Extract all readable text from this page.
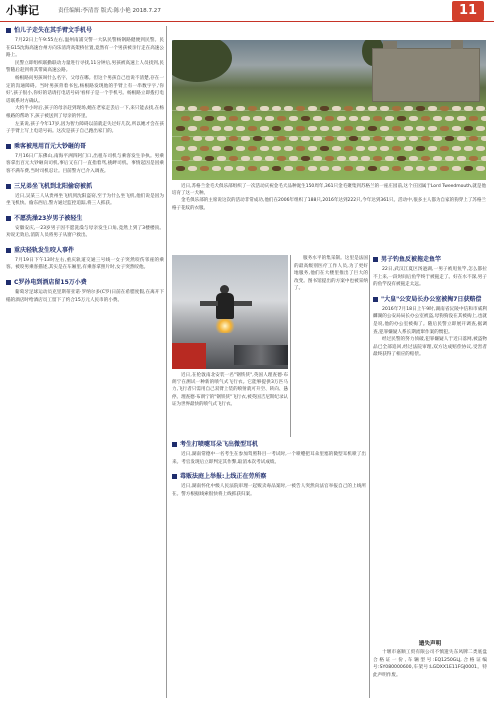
小事记	责任编辑:李清晋 版式:陈小艳 2018.7.27	11
怕儿子走失在其手臂文手机号
7月22日上午9:55左右,温州南浦交警一大队民警杨钢路健便到民警。民在G15沈海高速台州方向乐清湾高架桥位置,竟然有一个男孩被亲行走在高速公路上。
民警立即组织联勤联动力量进行寻找,11分钟后,男孩被高速上人员找到,民警随后赶到将其带离高速公路。
杨根路问男孩叫什么名字、父母在哪。但这个男孩自己也说不清楚,存在一定的沟通障碍。当时男孩背着书包,杨根路发现他的手臂上有一串数字字,'你好',孩子很小,你好的话请打电话号码'看样子是一个手机号。杨根路立即拨打电话联系对方确认。
大约半小时后,孩子的母亲赶到现场,她在老家走丢后一下,来只能去找,在杨根路的帮助下,孩子被送到了母亲的怀里。
左某说,孩子今年17岁,因为智力障碍以前就走失过好几次,所以她才会在孩子手臂上写上电话号码。这次是孩子自己跑出家门的。
乘客被甩用百元大钞砸的哥
7月16日广东佛山,南海平洲四阿门口,出租车司机与乘客发生争执。男乘客拿出百元大钞砸向司机,事后又在门一直指着骂,挑衅司机。事情起因是因乘客不满车费,当时司机忍让。目前警方已介入调查。
三兄弟坐飞机到北阳偷窃被抓
近日,吴某三人从贵州坐飞机到沈阳盗窃,至于为什么坐飞机,他们说是因为坐飞机快。偷东西后,警方通过监控追踪,将三人抓获。
不愿洗澡23岁男子被轻生
安徽安庆,一23岁男子因不愿洗澡与母亲发生口角,竟然上到了3楼楼顶。劝说无效后,消防人员将男子从窗户救出。
重庆轻轨发生咬人事件
7月19日下午13时左右,重庆轨道交通三号线一女子突然咬伤邻座的乘客。被咬男乘客描述,其实是在车厢里,有乘客拿照片时,女子突然咬他。
C罗孙电到酒店留15万小费
葡萄牙足球运动员克里斯蒂亚诺·罗纳尔多(C罗)日前在希腊度假,在离开下榻的酒店时给酒店员工留下了约合15万元人民币的小费。
近日,苏格兰金毛犬俱乐部组织了一次活动庆祝金毛犬品种诞生150周年,361只金毛聚集到苏格兰的一座庄园前,这个庄园属于Lord Tweedmouth,就是他培育了这一犬种。
金毛俱乐部的主席说这次的活动非常成功,他们在2006年组织了188只,2016年达到222只,今年达到361只。活动中,很多主人都为自家的狗穿上了苏格兰格子花纹的衣服。
近日,在伦敦南北安装一名"钢铁侠",英国人理查德·布朗宁在测试一种新的喷气式飞行衣。它能够提供3万匹马力,飞行者只需用自己双臂上装的喷射就可升空、转向、悬停。理查德·布朗宁的"钢铁侠"飞行衣,被英国吉尼斯纪录认证为世界最快的喷气式飞行衣。
服务水平的集采制。这里是法国的最高级别医疗工作人员,为了更好地服务,他们在大楼里推出了巨大的改变。图书馆提出的方案中也被采纳了。
考生打喷嚏耳朵飞出微型耳机
近日,湖南常德中一名考生在参加驾照科目一考试时,一个喷嚏把耳朵里塞的微型耳机喷了出来。考官发现后立即判定其作弊,取消本次考试成绩。
毒贩法庭上举报:上线正在劳所察
近日,湖南怀化中级人民法院审理一起贩卖毒品案时,一被告人突然向法官举报自己的上线所在。警方根据线索很快将上线抓获归案。
男子钓鱼反被拖走鱼竿
22日,武汉江夏区汤逊湖,一男子被甩鱼竿,怎么都拉不上来,一段时间后鱼竿终于被拖走了。好在水不深,男子的鱼竿没有被拖走太远。
"大皇"公安局长办公室被掏7日获赔偿
2016年7月18日上午9时,湖南省沅陵中信和市威利麟湖的公安局局长办公室被盗,母狗狗没在其被掏上,也就是说,他的办公室被掏了。随后民警立即展开调查,据调查,犯罪嫌疑人系长期流窜作案的惯犯。
经过民警的努力侦破,犯罪嫌疑人于近日落网,被盗物品已全部追回,经过法院审理,双方达成赔偿协议,受害者最终获得了相应的赔偿。
遗失声明
十堰市嘉顺工贸有限公司不慎遗失东风牌二类底盘合格证一份,车辆型号:EQ1250GLJ,合格证编号:SY080000600,车架号:LGDXX1E11FGJ0001。特此声明作废。
